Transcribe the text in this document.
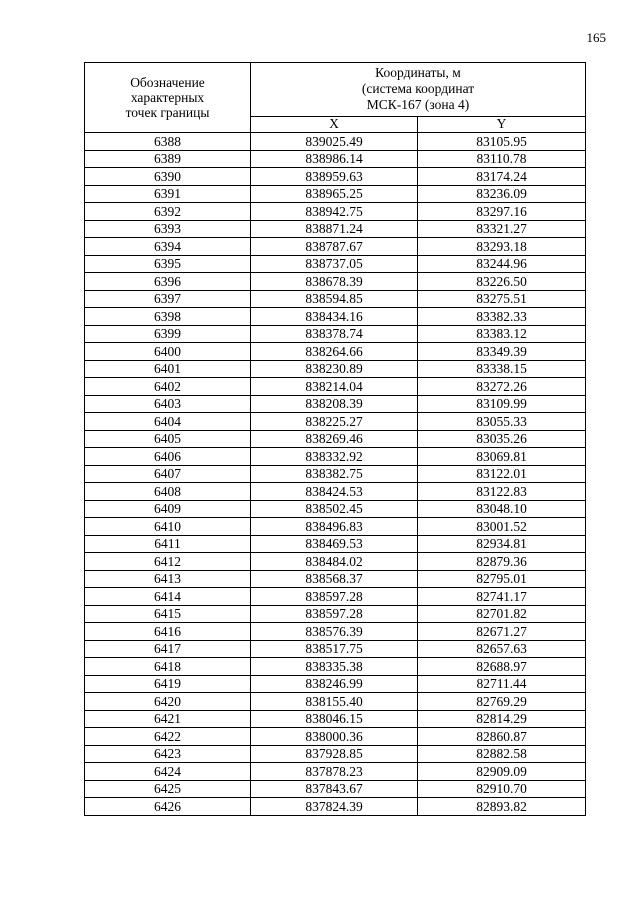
165
Обозначение
характерных
точек границы	Координаты, м
(система координат
МСК-167 (зона 4)	

	X	Y
6388	839025.49	83105.95
6389	838986.14	83110.78
6390	838959.63	83174.24
6391	838965.25	83236.09
6392	838942.75	83297.16
6393	838871.24	83321.27
6394	838787.67	83293.18
6395	838737.05	83244.96
6396	838678.39	83226.50
6397	838594.85	83275.51
6398	838434.16	83382.33
6399	838378.74	83383.12
6400	838264.66	83349.39
6401	838230.89	83338.15
6402	838214.04	83272.26
6403	838208.39	83109.99
6404	838225.27	83055.33
6405	838269.46	83035.26
6406	838332.92	83069.81
6407	838382.75	83122.01
6408	838424.53	83122.83
6409	838502.45	83048.10
6410	838496.83	83001.52
6411	838469.53	82934.81
6412	838484.02	82879.36
6413	838568.37	82795.01
6414	838597.28	82741.17
6415	838597.28	82701.82
6416	838576.39	82671.27
6417	838517.75	82657.63
6418	838335.38	82688.97
6419	838246.99	82711.44
6420	838155.40	82769.29
6421	838046.15	82814.29
6422	838000.36	82860.87
6423	837928.85	82882.58
6424	837878.23	82909.09
6425	837843.67	82910.70
6426	837824.39	82893.82
